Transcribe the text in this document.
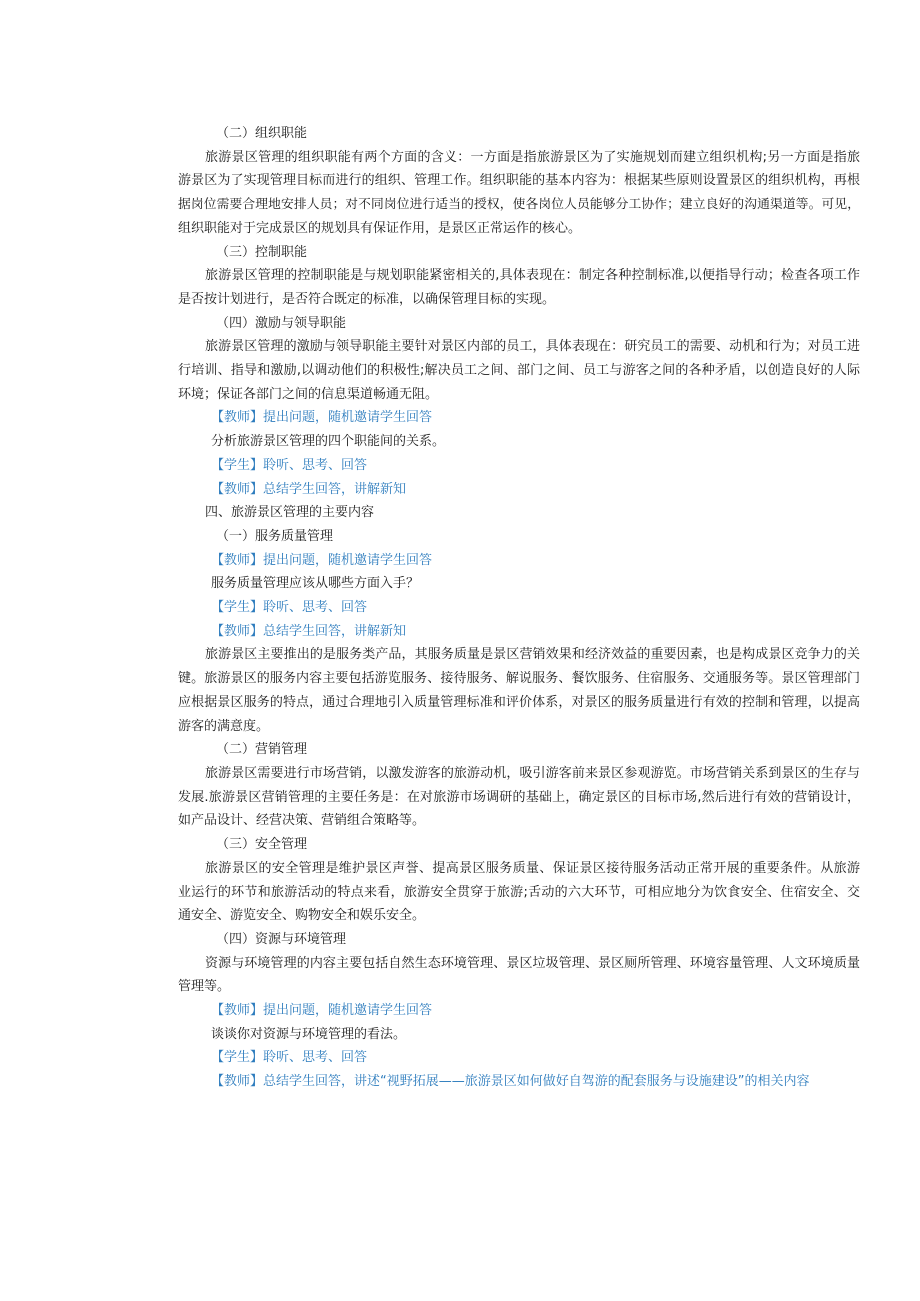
（二）组织职能
旅游景区管理的组织职能有两个方面的含义：一方面是指旅游景区为了实施规划而建立组织机构;另一方面是指旅
游景区为了实现管理目标而进行的组织、管理工作。组织职能的基本内容为：根据某些原则设置景区的组织机构，再根
据岗位需要合理地安排人员；对不同岗位进行适当的授权，使各岗位人员能够分工协作；建立良好的沟通渠道等。可见，
组织职能对于完成景区的规划具有保证作用，是景区正常运作的核心。
（三）控制职能
旅游景区管理的控制职能是与规划职能紧密相关的,具体表现在：制定各种控制标准,以便指导行动；检查各项工作
是否按计划进行，是否符合既定的标准，以确保管理目标的实现。
（四）激励与领导职能
旅游景区管理的激励与领导职能主要针对景区内部的员工，具体表现在：研究员工的需要、动机和行为；对员工进
行培训、指导和激励,以调动他们的积极性;解决员工之间、部门之间、员工与游客之间的各种矛盾，以创造良好的人际
环境；保证各部门之间的信息渠道畅通无阻。
【教师】提出问题，随机邀请学生回答
分析旅游景区管理的四个职能间的关系。
【学生】聆听、思考、回答
【教师】总结学生回答，讲解新知
四、旅游景区管理的主要内容
（一）服务质量管理
【教师】提出问题，随机邀请学生回答
服务质量管理应该从哪些方面入手？
【学生】聆听、思考、回答
【教师】总结学生回答，讲解新知
旅游景区主要推出的是服务类产品，其服务质量是景区营销效果和经济效益的重要因素，也是构成景区竞争力的关
键。旅游景区的服务内容主要包括游览服务、接待服务、解说服务、餐饮服务、住宿服务、交通服务等。景区管理部门
应根据景区服务的特点，通过合理地引入质量管理标准和评价体系，对景区的服务质量进行有效的控制和管理，以提高
游客的满意度。
（二）营销管理
旅游景区需要进行市场营销，以激发游客的旅游动机，吸引游客前来景区参观游览。市场营销关系到景区的生存与
发展.旅游景区营销管理的主要任务是：在对旅游市场调研的基础上，确定景区的目标市场,然后进行有效的营销设计，
如产品设计、经营决策、营销组合策略等。
（三）安全管理
旅游景区的安全管理是维护景区声誉、提高景区服务质量、保证景区接待服务活动正常开展的重要条件。从旅游
业运行的环节和旅游活动的特点来看，旅游安全贯穿于旅游;舌动的六大环节，可相应地分为饮食安全、住宿安全、交
通安全、游览安全、购物安全和娱乐安全。
（四）资源与环境管理
资源与环境管理的内容主要包括自然生态环境管理、景区垃圾管理、景区厕所管理、环境容量管理、人文环境质量
管理等。
【教师】提出问题，随机邀请学生回答
谈谈你对资源与环境管理的看法。
【学生】聆听、思考、回答
【教师】总结学生回答，讲述“视野拓展——旅游景区如何做好自驾游的配套服务与设施建设”的相关内容
